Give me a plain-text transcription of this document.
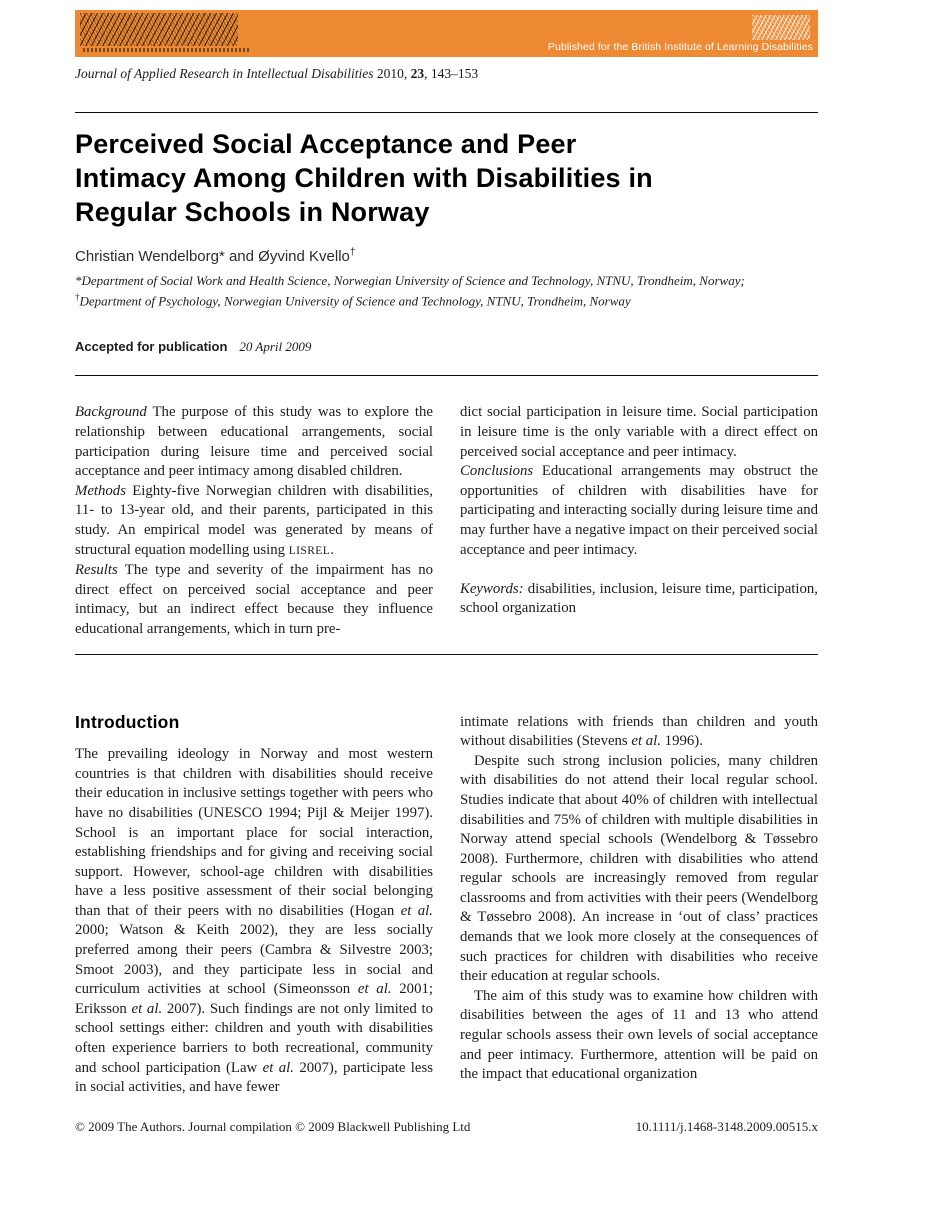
Published for the British Institute of Learning Disabilities
Journal of Applied Research in Intellectual Disabilities 2010, 23, 143–153
Perceived Social Acceptance and Peer
Intimacy Among Children with Disabilities in
Regular Schools in Norway
Christian Wendelborg* and Øyvind Kvello†
*Department of Social Work and Health Science, Norwegian University of Science and Technology, NTNU, Trondheim, Norway;
†Department of Psychology, Norwegian University of Science and Technology, NTNU, Trondheim, Norway
Accepted for publication 20 April 2009

Background The purpose of this study was to explore the relationship between educational arrangements, social participation during leisure time and perceived social acceptance and peer intimacy among disabled children.

Methods Eighty-five Norwegian children with disabilities, 11- to 13-year old, and their parents, participated in this study. An empirical model was generated by means of structural equation modelling using LISREL.

Results The type and severity of the impairment has no direct effect on perceived social acceptance and peer intimacy, but an indirect effect because they influence educational arrangements, which in turn pre-

dict social participation in leisure time. Social participation in leisure time is the only variable with a direct effect on perceived social acceptance and peer intimacy.

Conclusions Educational arrangements may obstruct the opportunities of children with disabilities have for participating and interacting socially during leisure time and may further have a negative impact on their perceived social acceptance and peer intimacy.

Keywords: disabilities, inclusion, leisure time, participation, school organization

Introduction

The prevailing ideology in Norway and most western countries is that children with disabilities should receive their education in inclusive settings together with peers who have no disabilities (UNESCO 1994; Pijl & Meijer 1997). School is an important place for social interaction, establishing friendships and for giving and receiving social support. However, school-age children with disabilities have a less positive assessment of their social belonging than that of their peers with no disabilities (Hogan et al. 2000; Watson & Keith 2002), they are less socially preferred among their peers (Cambra & Silvestre 2003; Smoot 2003), and they participate less in social and curriculum activities at school (Simeonsson et al. 2001; Eriksson et al. 2007). Such findings are not only limited to school settings either: children and youth with disabilities often experience barriers to both recreational, community and school participation (Law et al. 2007), participate less in social activities, and have fewer

intimate relations with friends than children and youth without disabilities (Stevens et al. 1996).

Despite such strong inclusion policies, many children with disabilities do not attend their local regular school. Studies indicate that about 40% of children with intellectual disabilities and 75% of children with multiple disabilities in Norway attend special schools (Wendelborg & Tøssebro 2008). Furthermore, children with disabilities who attend regular schools are increasingly removed from regular classrooms and from activities with their peers (Wendelborg & Tøssebro 2008). An increase in ‘out of class’ practices demands that we look more closely at the consequences of such practices for children with disabilities who receive their education at regular schools.

The aim of this study was to examine how children with disabilities between the ages of 11 and 13 who attend regular schools assess their own levels of social acceptance and peer intimacy. Furthermore, attention will be paid on the impact that educational organization

© 2009 The Authors. Journal compilation © 2009 Blackwell Publishing Ltd	10.1111/j.1468-3148.2009.00515.x
